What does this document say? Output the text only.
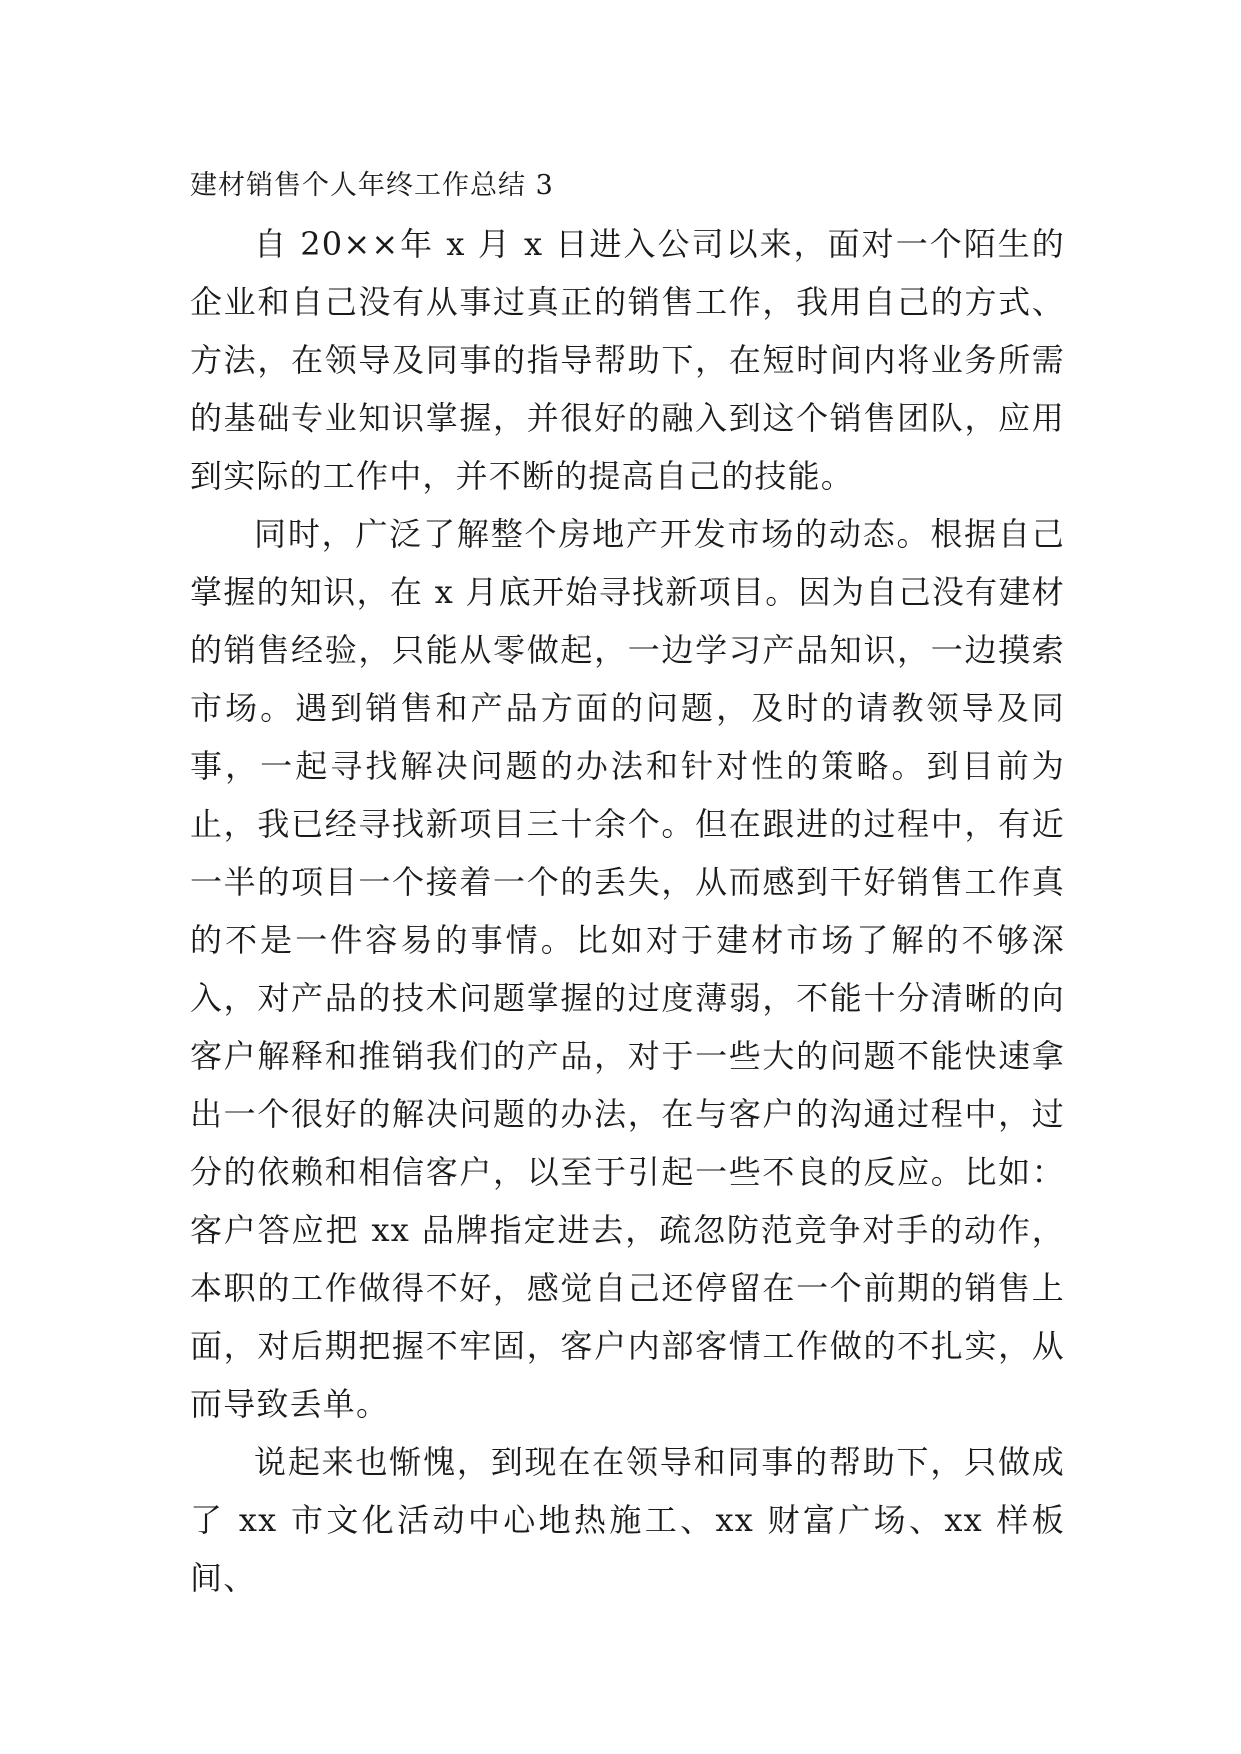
建材销售个人年终工作总结 3

自 20××年 x 月 x 日进入公司以来，面对一个陌生的企业和自己没有从事过真正的销售工作，我用自己的方式、方法，在领导及同事的指导帮助下，在短时间内将业务所需的基础专业知识掌握，并很好的融入到这个销售团队，应用到实际的工作中，并不断的提高自己的技能。

同时，广泛了解整个房地产开发市场的动态。根据自己掌握的知识，在 x 月底开始寻找新项目。因为自己没有建材的销售经验，只能从零做起，一边学习产品知识，一边摸索市场。遇到销售和产品方面的问题，及时的请教领导及同事，一起寻找解决问题的办法和针对性的策略。到目前为止，我已经寻找新项目三十余个。但在跟进的过程中，有近一半的项目一个接着一个的丢失，从而感到干好销售工作真的不是一件容易的事情。比如对于建材市场了解的不够深入，对产品的技术问题掌握的过度薄弱，不能十分清晰的向客户解释和推销我们的产品，对于一些大的问题不能快速拿出一个很好的解决问题的办法，在与客户的沟通过程中，过分的依赖和相信客户，以至于引起一些不良的反应。比如：客户答应把 xx 品牌指定进去，疏忽防范竞争对手的动作，本职的工作做得不好，感觉自己还停留在一个前期的销售上面，对后期把握不牢固，客户内部客情工作做的不扎实，从而导致丢单。

说起来也惭愧，到现在在领导和同事的帮助下，只做成了 xx 市文化活动中心地热施工、xx 财富广场、xx 样板间、
